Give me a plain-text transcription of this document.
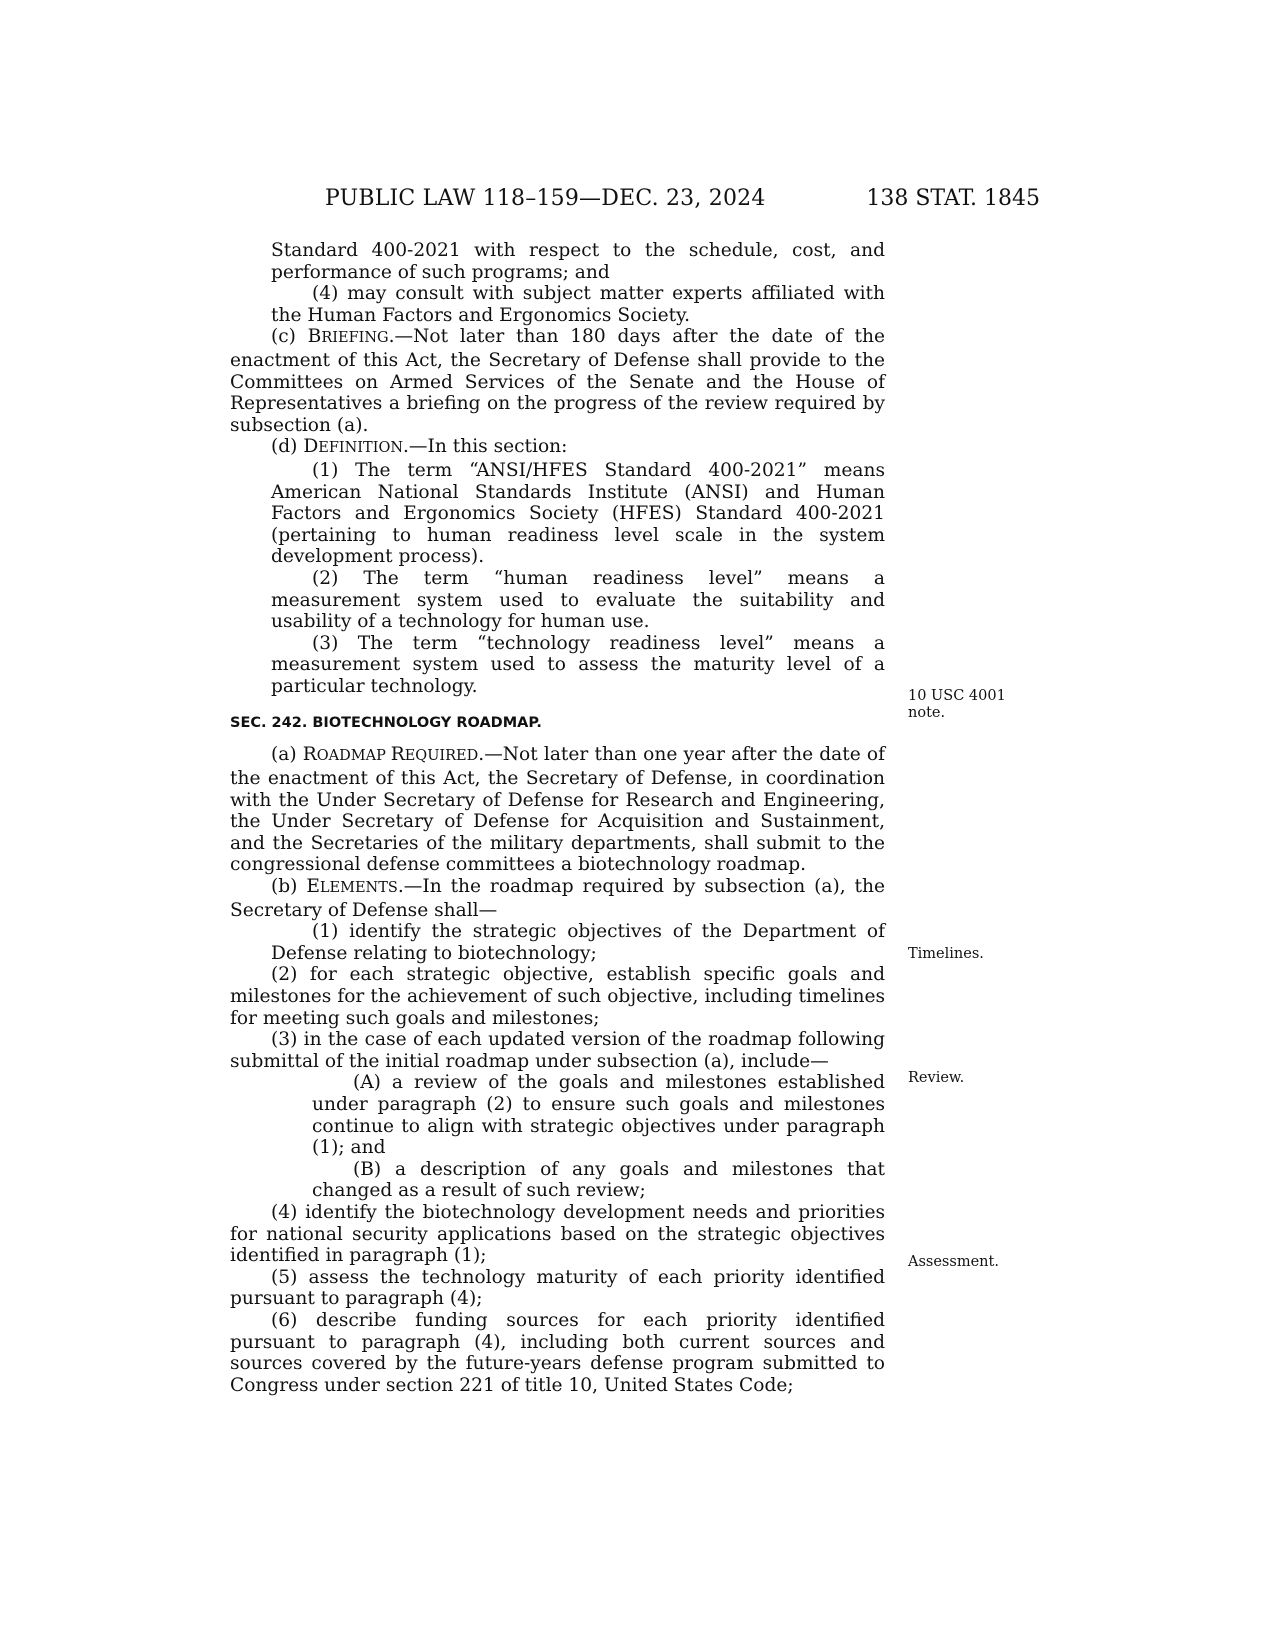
PUBLIC LAW 118–159—DEC. 23, 2024	138 STAT. 1845

Standard 400-2021 with respect to the schedule, cost, and performance of such programs; and

(4) may consult with subject matter experts affiliated with the Human Factors and Ergonomics Society.

(c) BRIEFING.—Not later than 180 days after the date of the enactment of this Act, the Secretary of Defense shall provide to the Committees on Armed Services of the Senate and the House of Representatives a briefing on the progress of the review required by subsection (a).

(d) DEFINITION.—In this section:

(1) The term “ANSI/HFES Standard 400-2021” means American National Standards Institute (ANSI) and Human Factors and Ergonomics Society (HFES) Standard 400-2021 (pertaining to human readiness level scale in the system development process).

(2) The term “human readiness level” means a measurement system used to evaluate the suitability and usability of a technology for human use.

(3) The term “technology readiness level” means a measurement system used to assess the maturity level of a particular technology.

SEC. 242. BIOTECHNOLOGY ROADMAP.

(a) ROADMAP REQUIRED.—Not later than one year after the date of the enactment of this Act, the Secretary of Defense, in coordination with the Under Secretary of Defense for Research and Engineering, the Under Secretary of Defense for Acquisition and Sustainment, and the Secretaries of the military departments, shall submit to the congressional defense committees a biotechnology roadmap.

(b) ELEMENTS.—In the roadmap required by subsection (a), the Secretary of Defense shall—

(1) identify the strategic objectives of the Department of Defense relating to biotechnology;

(2) for each strategic objective, establish specific goals and milestones for the achievement of such objective, including timelines for meeting such goals and milestones;

(3) in the case of each updated version of the roadmap following submittal of the initial roadmap under subsection (a), include—

(A) a review of the goals and milestones established under paragraph (2) to ensure such goals and milestones continue to align with strategic objectives under paragraph (1); and

(B) a description of any goals and milestones that changed as a result of such review;

(4) identify the biotechnology development needs and priorities for national security applications based on the strategic objectives identified in paragraph (1);

(5) assess the technology maturity of each priority identified pursuant to paragraph (4);

(6) describe funding sources for each priority identified pursuant to paragraph (4), including both current sources and sources covered by the future-years defense program submitted to Congress under section 221 of title 10, United States Code;

10 USC 4001
note.
Timelines.
Review.
Assessment.
